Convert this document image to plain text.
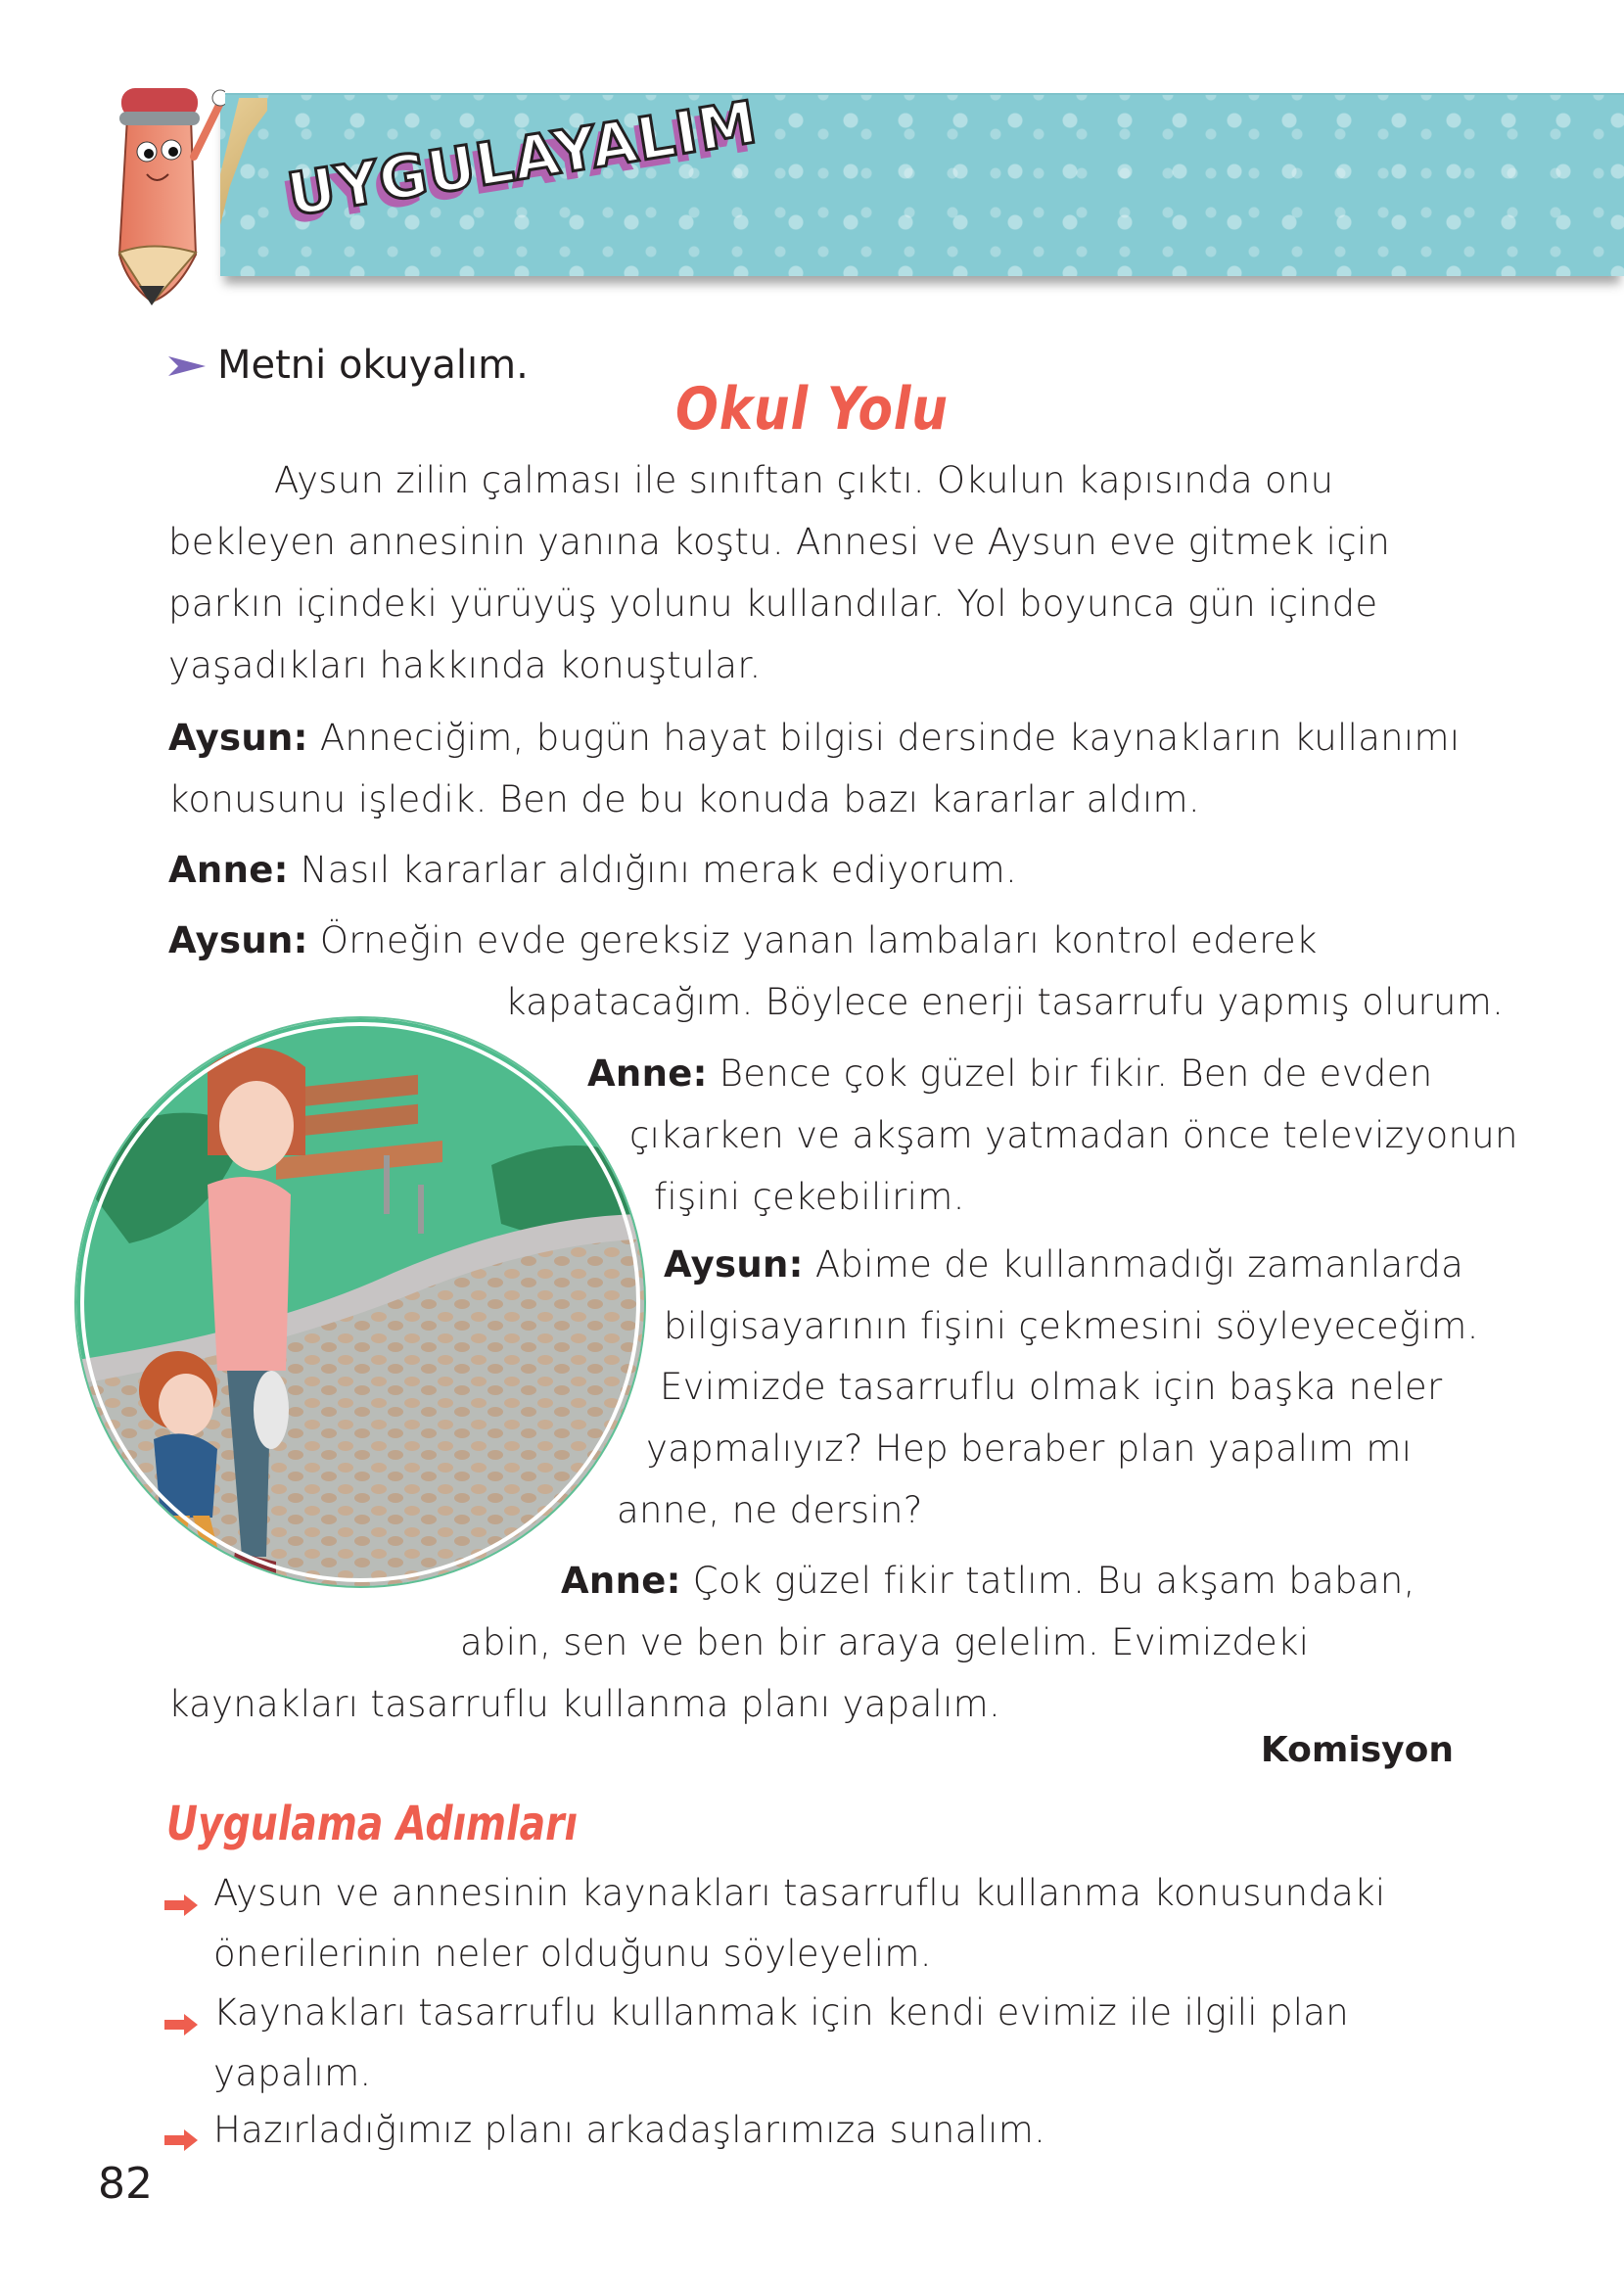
UYGULAYALIM
Metni okuyalım.
Okul Yolu
Aysun zilin çalması ile sınıftan çıktı. Okulun kapısında onu
bekleyen annesinin yanına koştu. Annesi ve Aysun eve gitmek için
parkın içindeki yürüyüş yolunu kullandılar. Yol boyunca gün içinde
yaşadıkları hakkında konuştular.
Aysun: Anneciğim, bugün hayat bilgisi dersinde kaynakların kullanımı
konusunu işledik. Ben de bu konuda bazı kararlar aldım.
Anne: Nasıl kararlar aldığını merak ediyorum.
Aysun: Örneğin evde gereksiz yanan lambaları kontrol ederek
kapatacağım. Böylece enerji tasarrufu yapmış olurum.
Anne: Bence çok güzel bir fikir. Ben de evden
çıkarken ve akşam yatmadan önce televizyonun
fişini çekebilirim.
Aysun: Abime de kullanmadığı zamanlarda
bilgisayarının fişini çekmesini söyleyeceğim.
Evimizde tasarruflu olmak için başka neler
yapmalıyız? Hep beraber plan yapalım mı
anne, ne dersin?
Anne: Çok güzel fikir tatlım. Bu akşam baban,
abin, sen ve ben bir araya gelelim. Evimizdeki
kaynakları tasarruflu kullanma planı yapalım.
Komisyon
Uygulama Adımları
Aysun ve annesinin kaynakları tasarruflu kullanma konusundaki
önerilerinin neler olduğunu söyleyelim.
Kaynakları tasarruflu kullanmak için kendi evimiz ile ilgili plan
yapalım.
Hazırladığımız planı arkadaşlarımıza sunalım.
82
